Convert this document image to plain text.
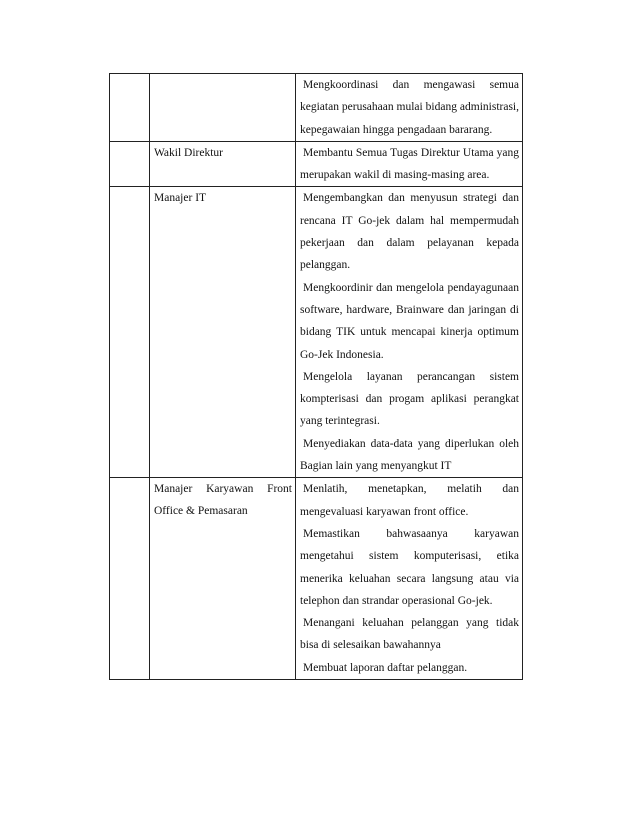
		Mengkoordinasi dan mengawasi semua kegiatan perusahaan mulai bidang administrasi, kepegawaian hingga pengadaan bararang.

	Wakil Direktur	Membantu Semua Tugas Direktur Utama yang merupakan wakil di masing-masing area.

	Manajer IT	Mengembangkan dan menyusun strategi dan rencana IT Go-jek dalam hal mempermudah pekerjaan dan dalam pelayanan kepada pelanggan.

Mengkoordinir dan mengelola pendayagunaan software, hardware, Brainware dan jaringan di bidang TIK untuk mencapai kinerja optimum Go-Jek Indonesia.

Mengelola layanan perancangan sistem kompterisasi dan progam aplikasi perangkat yang terintegrasi.

Menyediakan data-data yang diperlukan oleh Bagian lain yang menyangkut IT

	Manajer Karyawan Front Office & Pemasaran	Menlatih, menetapkan, melatih dan mengevaluasi karyawan front office.

Memastikan bahwasaanya karyawan mengetahui sistem komputerisasi, etika menerika keluahan secara langsung atau via telephon dan strandar operasional Go-jek.

Menangani keluahan pelanggan yang tidak bisa di selesaikan bawahannya

Membuat laporan daftar pelanggan.
